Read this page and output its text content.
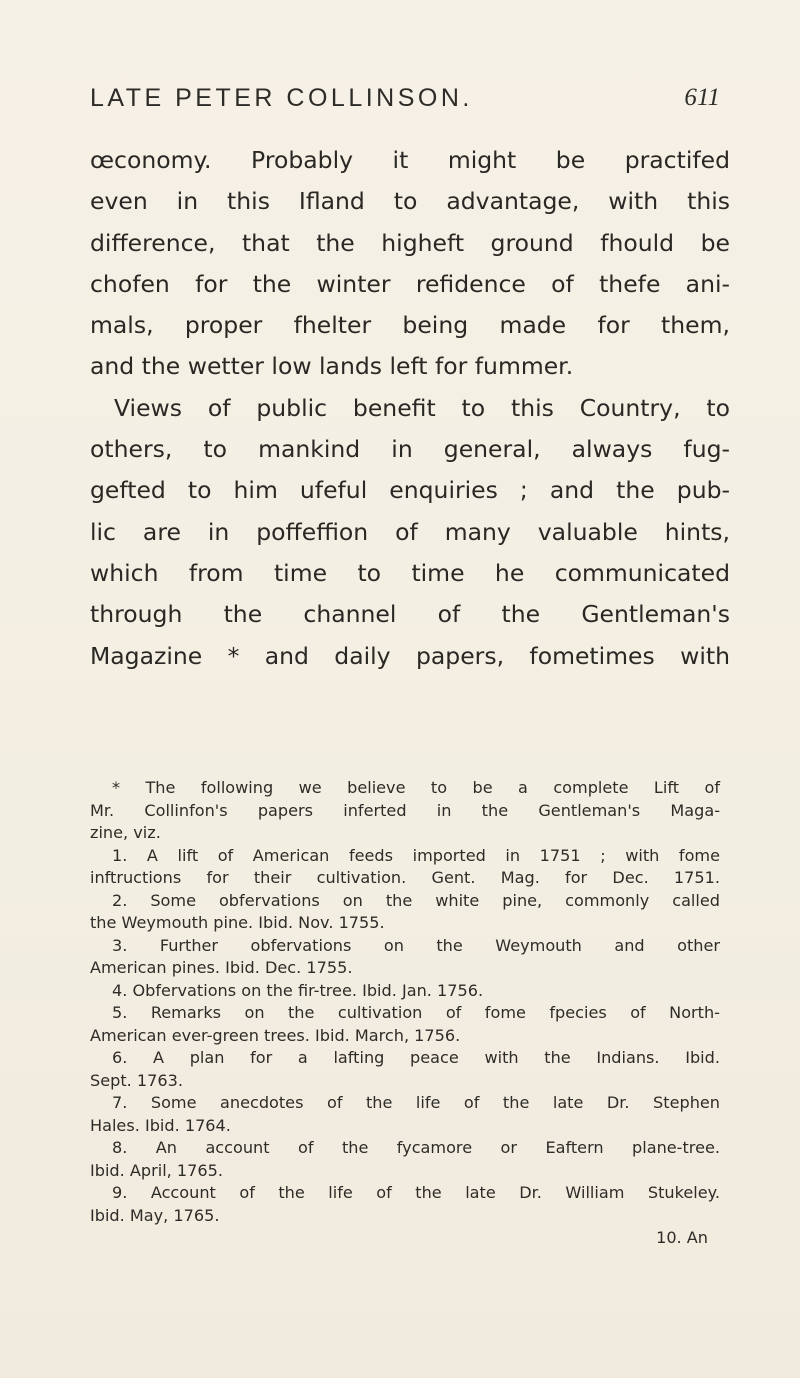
LATE PETER COLLINSON.	611
œconomy. Probably it might be practifed
even in this Ifland to advantage, with this
difference, that the higheft ground fhould be
chofen for the winter refidence of thefe ani-
mals, proper fhelter being made for them,
and the wetter low lands left for fummer.
Views of public benefit to this Country, to
others, to mankind in general, always fug-
gefted to him ufeful enquiries ; and the pub-
lic are in poffeffion of many valuable hints,
which from time to time he communicated
through the channel of the Gentleman's
Magazine * and daily papers, fometimes with
* The following we believe to be a complete Lift of
Mr. Collinfon's papers inferted in the Gentleman's Maga-
zine, viz.
1. A lift of American feeds imported in 1751 ; with fome
inftructions for their cultivation. Gent. Mag. for Dec. 1751.
2. Some obfervations on the white pine, commonly called
the Weymouth pine. Ibid. Nov. 1755.
3. Further obfervations on the Weymouth and other
American pines. Ibid. Dec. 1755.
4. Obfervations on the fir-tree. Ibid. Jan. 1756.
5. Remarks on the cultivation of fome fpecies of North-
American ever-green trees. Ibid. March, 1756.
6. A plan for a lafting peace with the Indians. Ibid.
Sept. 1763.
7. Some anecdotes of the life of the late Dr. Stephen
Hales. Ibid. 1764.
8. An account of the fycamore or Eaftern plane-tree.
Ibid. April, 1765.
9. Account of the life of the late Dr. William Stukeley.
Ibid. May, 1765.
10. An
